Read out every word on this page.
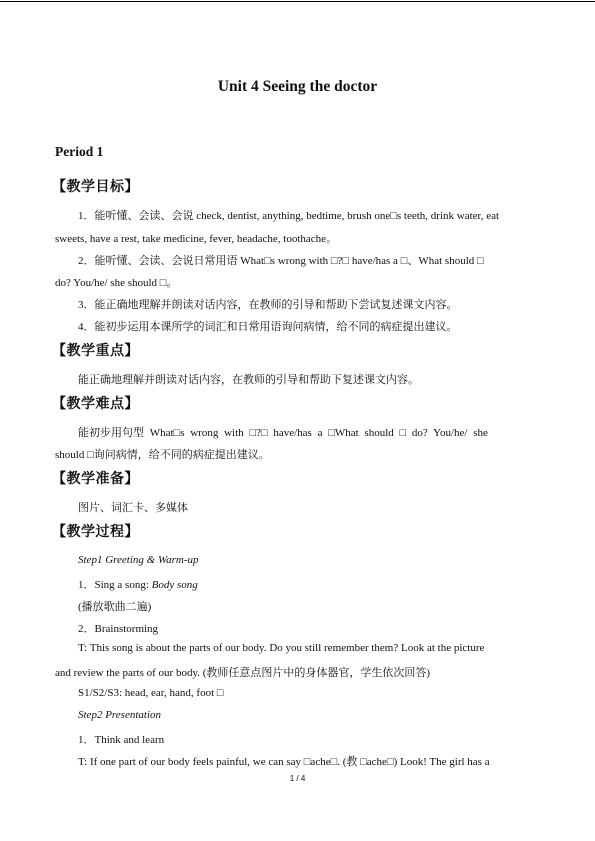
Unit 4 Seeing the doctor
Period 1
【教学目标】
1．能听懂、会读、会说 check, dentist, anything, bedtime, brush one□s teeth, drink water, eat
sweets, have a rest, take medicine, fever, headache, toothache。
2．能听懂、会读、会说日常用语 What□s wrong with □?□ have/has a □、What should □
do? You/he/ she should □。
3．能正确地理解并朗读对话内容，在教师的引导和帮助下尝试复述课文内容。
4．能初步运用本课所学的词汇和日常用语询问病情，给不同的病症提出建议。
【教学重点】
能正确地理解并朗读对话内容，在教师的引导和帮助下复述课文内容。
【教学难点】
能初步用句型 What□s wrong with □?□ have/has a □What should □ do? You/he/ she
should □询问病情，给不同的病症提出建议。
【教学准备】
图片、词汇卡、多媒体
【教学过程】
Step1 Greeting & Warm-up
1．Sing a song: Body song
(播放歌曲二遍)
2．Brainstorming
T: This song is about the parts of our body. Do you still remember them? Look at the picture
and review the parts of our body. (教师任意点图片中的身体器官，学生依次回答)
S1/S2/S3: head, ear, hand, foot □
Step2 Presentation
1．Think and learn
T: If one part of our body feels painful, we can say □ache□. (教 □ache□) Look! The girl has a
1 / 4
